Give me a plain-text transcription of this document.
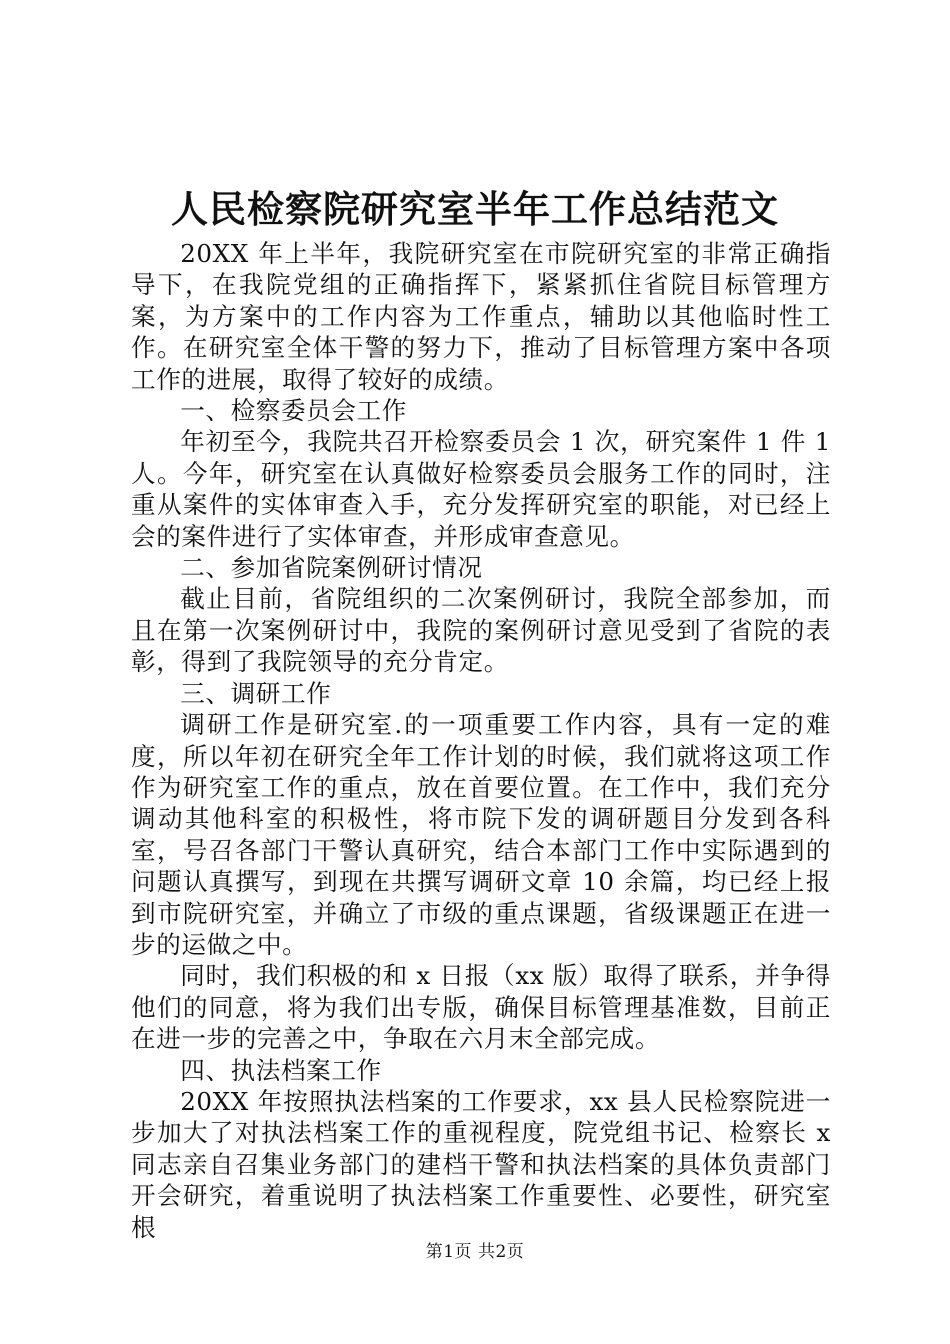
人民检察院研究室半年工作总结范文

20XX 年上半年，我院研究室在市院研究室的非常正确指导下，在我院党组的正确指挥下，紧紧抓住省院目标管理方案，为方案中的工作内容为工作重点，辅助以其他临时性工作。在研究室全体干警的努力下，推动了目标管理方案中各项工作的进展，取得了较好的成绩。

一、检察委员会工作

年初至今，我院共召开检察委员会 1 次，研究案件 1 件 1 人。今年，研究室在认真做好检察委员会服务工作的同时，注重从案件的实体审查入手，充分发挥研究室的职能，对已经上会的案件进行了实体审查，并形成审查意见。

二、参加省院案例研讨情况

截止目前，省院组织的二次案例研讨，我院全部参加，而且在第一次案例研讨中，我院的案例研讨意见受到了省院的表彰，得到了我院领导的充分肯定。

三、调研工作

调研工作是研究室.的一项重要工作内容，具有一定的难度，所以年初在研究全年工作计划的时候，我们就将这项工作作为研究室工作的重点，放在首要位置。在工作中，我们充分调动其他科室的积极性，将市院下发的调研题目分发到各科室，号召各部门干警认真研究，结合本部门工作中实际遇到的问题认真撰写，到现在共撰写调研文章 10 余篇，均已经上报到市院研究室，并确立了市级的重点课题，省级课题正在进一步的运做之中。

同时，我们积极的和 x 日报（xx 版）取得了联系，并争得他们的同意，将为我们出专版，确保目标管理基准数，目前正在进一步的完善之中，争取在六月末全部完成。

四、执法档案工作

20XX 年按照执法档案的工作要求，xx 县人民检察院进一步加大了对执法档案工作的重视程度，院党组书记、检察长 x 同志亲自召集业务部门的建档干警和执法档案的具体负责部门开会研究，着重说明了执法档案工作重要性、必要性，研究室根

第1页 共2页
